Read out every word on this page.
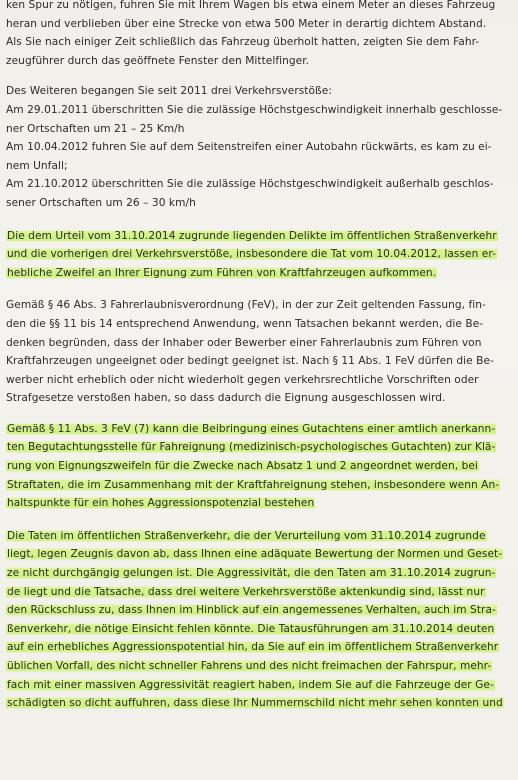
ken Spur zu nötigen, fuhren Sie mit Ihrem Wagen bis etwa einem Meter an dieses Fahrzeug
heran und verblieben über eine Strecke von etwa 500 Meter in derartig dichtem Abstand.
Als Sie nach einiger Zeit schließlich das Fahrzeug überholt hatten, zeigten Sie dem Fahr-
zeugführer durch das geöffnete Fenster den Mittelfinger.

Des Weiteren begangen Sie seit 2011 drei Verkehrsverstöße:
Am 29.01.2011 überschritten Sie die zulässige Höchstgeschwindigkeit innerhalb geschlosse-
ner Ortschaften um 21 – 25 Km/h
Am 10.04.2012 fuhren Sie auf dem Seitenstreifen einer Autobahn rückwärts, es kam zu ei-
nem Unfall;
Am 21.10.2012 überschritten Sie die zulässige Höchstgeschwindigkeit außerhalb geschlos-
sener Ortschaften um 26 – 30 km/h

Die dem Urteil vom 31.10.2014 zugrunde liegenden Delikte im öffentlichen Straßenverkehr
und die vorherigen drei Verkehrsverstöße, insbesondere die Tat vom 10.04.2012, lassen er-
hebliche Zweifel an Ihrer Eignung zum Führen von Kraftfahrzeugen aufkommen.

Gemäß § 46 Abs. 3 Fahrerlaubnisverordnung (FeV), in der zur Zeit geltenden Fassung, fin-
den die §§ 11 bis 14 entsprechend Anwendung, wenn Tatsachen bekannt werden, die Be-
denken begründen, dass der Inhaber oder Bewerber einer Fahrerlaubnis zum Führen von
Kraftfahrzeugen ungeeignet oder bedingt geeignet ist. Nach § 11 Abs. 1 FeV dürfen die Be-
werber nicht erheblich oder nicht wiederholt gegen verkehrsrechtliche Vorschriften oder
Strafgesetze verstoßen haben, so dass dadurch die Eignung ausgeschlossen wird.

Gemäß § 11 Abs. 3 FeV (7) kann die Beibringung eines Gutachtens einer amtlich anerkann-
ten Begutachtungsstelle für Fahreignung (medizinisch-psychologisches Gutachten) zur Klä-
rung von Eignungszweifeln für die Zwecke nach Absatz 1 und 2 angeordnet werden, bei
Straftaten, die im Zusammenhang mit der Kraftfahreignung stehen, insbesondere wenn An-
haltspunkte für ein hohes Aggressionspotenzial bestehen

Die Taten im öffentlichen Straßenverkehr, die der Verurteilung vom 31.10.2014 zugrunde
liegt, legen Zeugnis davon ab, dass Ihnen eine adäquate Bewertung der Normen und Geset-
ze nicht durchgängig gelungen ist. Die Aggressivität, die den Taten am 31.10.2014 zugrun-
de liegt und die Tatsache, dass drei weitere Verkehrsverstöße aktenkundig sind, lässt nur
den Rückschluss zu, dass Ihnen im Hinblick auf ein angemessenes Verhalten, auch im Stra-
ßenverkehr, die nötige Einsicht fehlen könnte. Die Tatausführungen am 31.10.2014 deuten
auf ein erhebliches Aggressionspotential hin, da Sie auf ein im öffentlichem Straßenverkehr
üblichen Vorfall, des nicht schneller Fahrens und des nicht freimachen der Fahrspur, mehr-
fach mit einer massiven Aggressivität reagiert haben, indem Sie auf die Fahrzeuge der Ge-
schädigten so dicht auffuhren, dass diese Ihr Nummernschild nicht mehr sehen konnten und
